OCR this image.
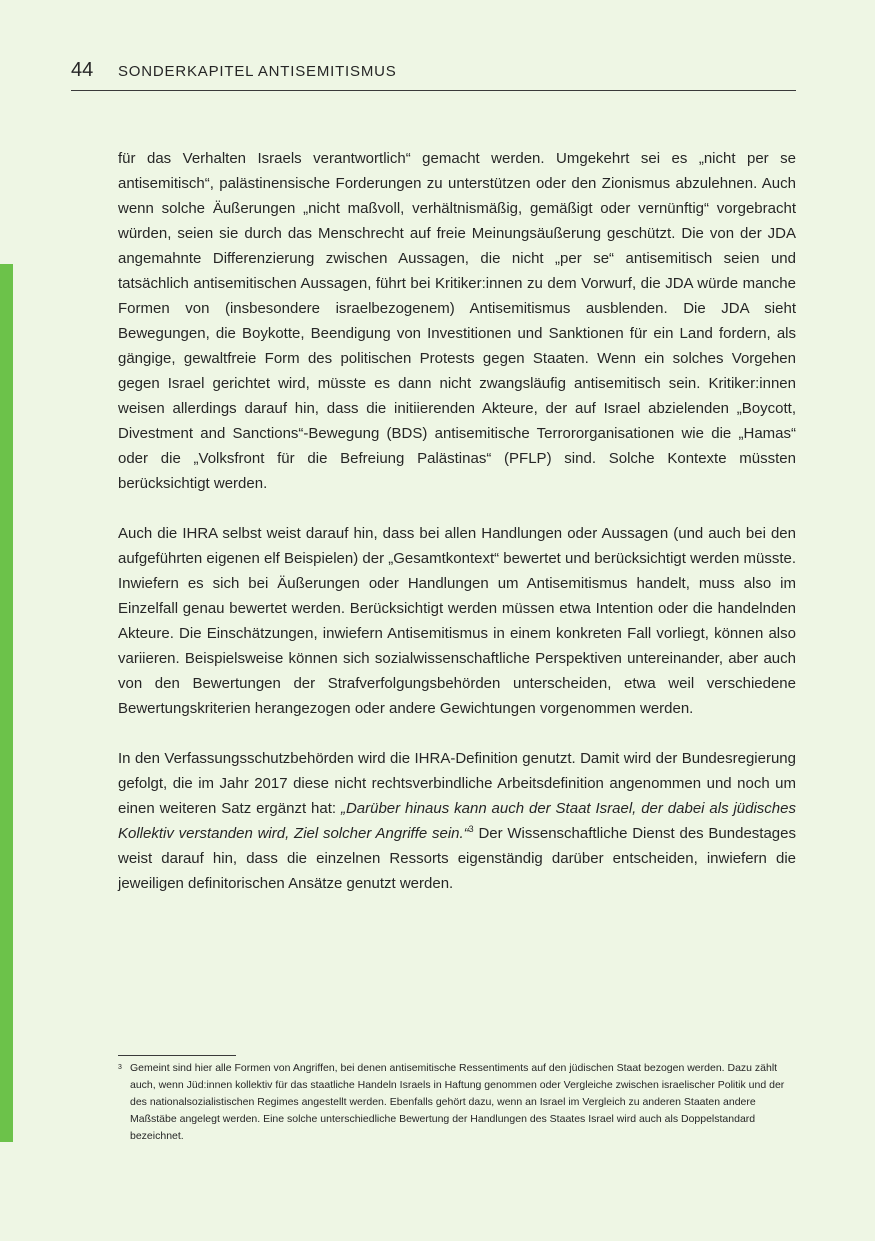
44 SONDERKAPITEL ANTISEMITISMUS

für das Verhalten Israels verantwortlich“ gemacht werden. Umgekehrt sei es „nicht per se antisemitisch“, palästinensische Forderungen zu unterstützen oder den Zionismus abzulehnen. Auch wenn solche Äußerungen „nicht maßvoll, verhältnismäßig, gemäßigt oder vernünftig“ vorgebracht würden, seien sie durch das Menschrecht auf freie Meinungsäußerung geschützt. Die von der JDA angemahnte Differenzierung zwischen Aussagen, die nicht „per se“ antisemitisch seien und tatsächlich antisemitischen Aussagen, führt bei Kritiker:innen zu dem Vorwurf, die JDA würde manche Formen von (insbesondere israelbezogenem) Antisemitismus ausblenden. Die JDA sieht Bewegungen, die Boykotte, Beendigung von Investitionen und Sanktionen für ein Land fordern, als gängige, gewaltfreie Form des politischen Protests gegen Staaten. Wenn ein solches Vorgehen gegen Israel gerichtet wird, müsste es dann nicht zwangsläufig antisemitisch sein. Kritiker:innen weisen allerdings darauf hin, dass die initiierenden Akteure, der auf Israel abzielenden „Boycott, Divestment and Sanctions“-Bewegung (BDS) antisemitische Terrororganisationen wie die „Hamas“ oder die „Volksfront für die Befreiung Palästinas“ (PFLP) sind. Solche Kontexte müssten berücksichtigt werden.

Auch die IHRA selbst weist darauf hin, dass bei allen Handlungen oder Aussagen (und auch bei den aufgeführten eigenen elf Beispielen) der „Gesamtkontext“ bewertet und berücksichtigt werden müsste. Inwiefern es sich bei Äußerungen oder Handlungen um Antisemitismus handelt, muss also im Einzelfall genau bewertet werden. Berücksichtigt werden müssen etwa Intention oder die handelnden Akteure. Die Einschätzungen, inwiefern Antisemitismus in einem konkreten Fall vorliegt, können also variieren. Beispielsweise können sich sozialwissenschaftliche Perspektiven untereinander, aber auch von den Bewertungen der Strafverfolgungsbehörden unterscheiden, etwa weil verschiedene Bewertungskriterien herangezogen oder andere Gewichtungen vorgenommen werden.

In den Verfassungsschutzbehörden wird die IHRA-Definition genutzt. Damit wird der Bundesregierung gefolgt, die im Jahr 2017 diese nicht rechtsverbindliche Arbeitsdefinition angenommen und noch um einen weiteren Satz ergänzt hat: „Darüber hinaus kann auch der Staat Israel, der dabei als jüdisches Kollektiv verstanden wird, Ziel solcher Angriffe sein.“$^3$ Der Wissenschaftliche Dienst des Bundestages weist darauf hin, dass die einzelnen Ressorts eigenständig darüber entscheiden, inwiefern die jeweiligen definitorischen Ansätze genutzt werden.

3 Gemeint sind hier alle Formen von Angriffen, bei denen antisemitische Ressentiments auf den jüdischen Staat bezogen werden. Dazu zählt auch, wenn Jüd:innen kollektiv für das staatliche Handeln Israels in Haftung genommen oder Vergleiche zwischen israelischer Politik und der des nationalsozialistischen Regimes angestellt werden. Ebenfalls gehört dazu, wenn an Israel im Vergleich zu anderen Staaten andere Maßstäbe angelegt werden. Eine solche unterschiedliche Bewertung der Handlungen des Staates Israel wird auch als Doppelstandard bezeichnet.
